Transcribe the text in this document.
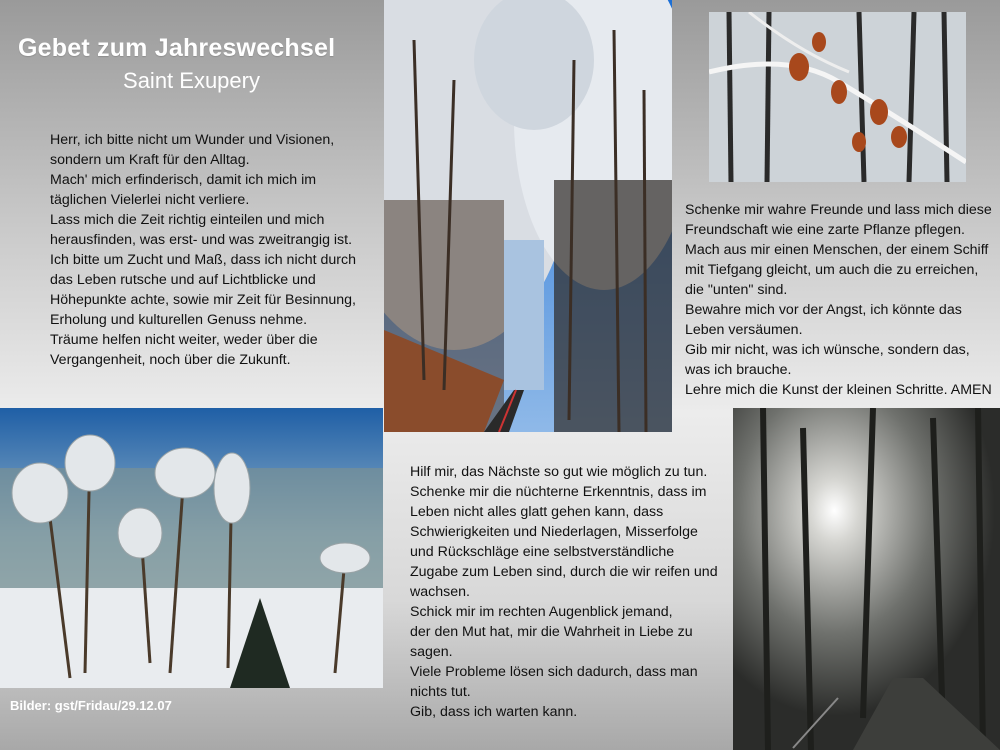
Gebet zum Jahreswechsel
Saint Exupery

Herr, ich bitte nicht um Wunder und Visionen,

sondern um Kraft für den Alltag.

Mach' mich erfinderisch, damit ich mich im

täglichen Vielerlei nicht verliere.

Lass mich die Zeit richtig einteilen und mich

herausfinden, was erst- und was zweitrangig ist.

Ich bitte um Zucht und Maß, dass ich nicht durch

das Leben rutsche und auf Lichtblicke und

Höhepunkte achte, sowie mir Zeit für Besinnung,

Erholung und kulturellen Genuss nehme.

Träume helfen nicht weiter, weder über die

Vergangenheit, noch über die Zukunft.

Schenke mir wahre Freunde und lass mich diese

Freundschaft wie eine zarte Pflanze pflegen.

Mach aus mir einen Menschen, der einem Schiff

mit Tiefgang gleicht, um auch die zu erreichen,

die "unten" sind.

Bewahre mich vor der Angst, ich könnte das

Leben versäumen.

Gib mir nicht, was ich wünsche, sondern das,

was ich brauche.

Lehre mich die Kunst der kleinen Schritte. AMEN

Bilder: gst/Fridau/29.12.07

Hilf mir, das Nächste so gut wie möglich zu tun.

Schenke mir die nüchterne Erkenntnis, dass im

Leben nicht alles glatt gehen kann, dass

Schwierigkeiten und Niederlagen, Misserfolge

und Rückschläge eine selbstverständliche

Zugabe zum Leben sind, durch die wir reifen und

wachsen.

Schick mir im rechten Augenblick jemand,

der den Mut hat, mir die Wahrheit in Liebe zu

sagen.

Viele Probleme lösen sich dadurch, dass man

nichts tut.

Gib, dass ich warten kann.
